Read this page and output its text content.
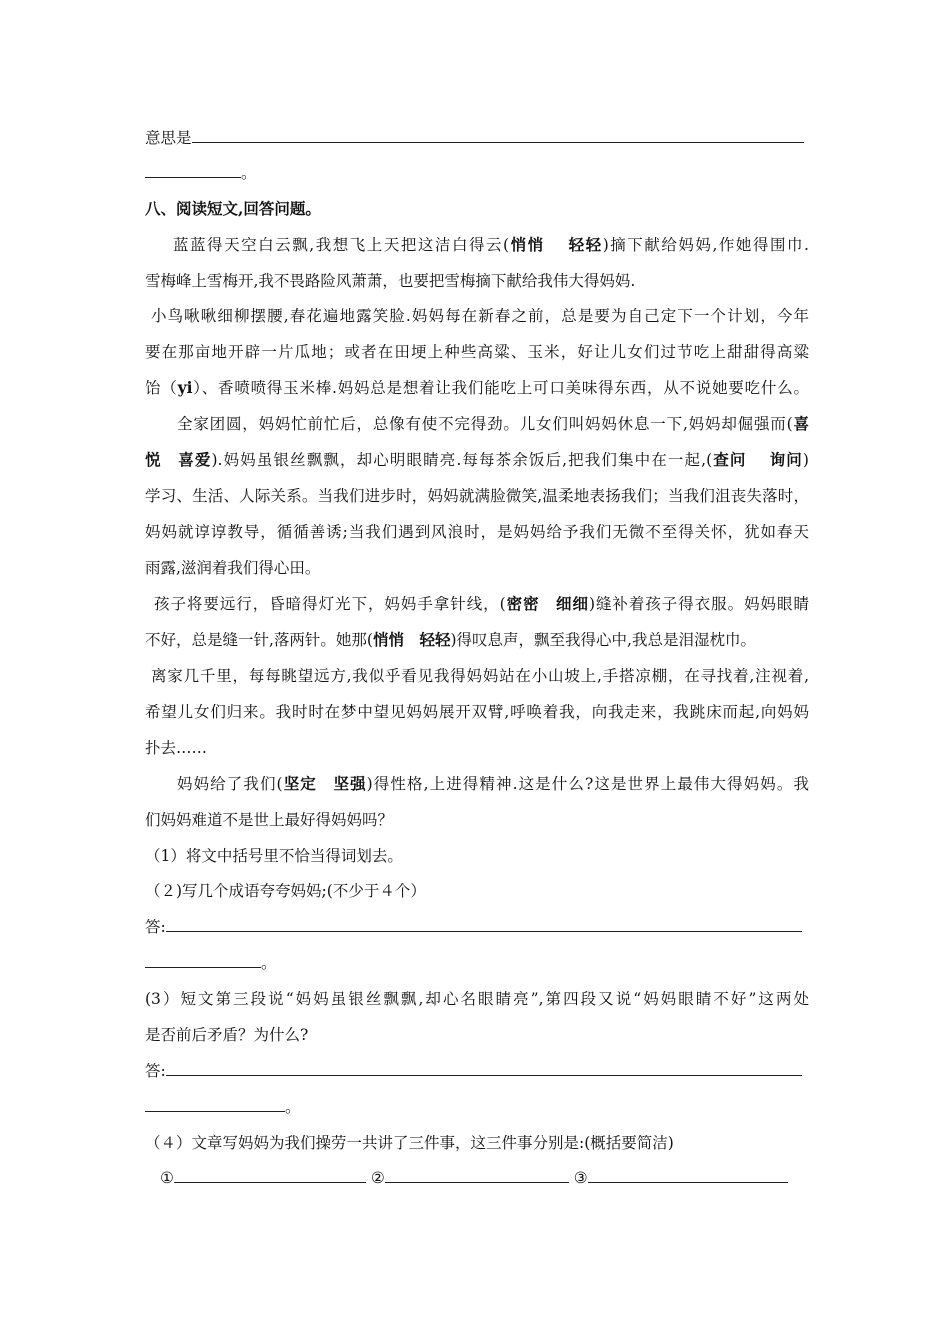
意思是
。
八、阅读短文,回答问题。
蓝蓝得天空白云飘,我想飞上天把这洁白得云(悄悄　 轻轻)摘下献给妈妈,作她得围巾.
雪梅峰上雪梅开,我不畏路险风萧萧，也要把雪梅摘下献给我伟大得妈妈.
小鸟啾啾细柳摆腰,春花遍地露笑脸.妈妈每在新春之前，总是要为自己定下一个计划，今年
要在那亩地开辟一片瓜地；或者在田埂上种些高粱、玉米，好让儿女们过节吃上甜甜得高粱
饴（yi）、香喷喷得玉米棒.妈妈总是想着让我们能吃上可口美味得东西，从不说她要吃什么。
全家团圆，妈妈忙前忙后，总像有使不完得劲。儿女们叫妈妈休息一下,妈妈却倔强而(喜
悦　喜爱).妈妈虽银丝飘飘，却心明眼睛亮.每每茶余饭后,把我们集中在一起,(查问　 询问)
学习、生活、人际关系。当我们进步时，妈妈就满脸微笑,温柔地表扬我们；当我们沮丧失落时，
妈妈就谆谆教导，循循善诱;当我们遇到风浪时，是妈妈给予我们无微不至得关怀，犹如春天
雨露,滋润着我们得心田。
孩子将要远行，昏暗得灯光下，妈妈手拿针线，(密密　细细)缝补着孩子得衣服。妈妈眼睛
不好，总是缝一针,落两针。她那(悄悄　轻轻)得叹息声，飘至我得心中,我总是泪湿枕巾。
离家几千里，每每眺望远方,我似乎看见我得妈妈站在小山坡上,手搭凉棚，在寻找着,注视着,
希望儿女们归来。我时时在梦中望见妈妈展开双臂,呼唤着我，向我走来，我跳床而起,向妈妈
扑去……
妈妈给了我们(坚定　坚强)得性格,上进得精神.这是什么?这是世界上最伟大得妈妈。我
们妈妈难道不是世上最好得妈妈吗？
（1）将文中括号里不恰当得词划去。
（２)写几个成语夸夸妈妈;(不少于４个）
答:
。
(3）短文第三段说“妈妈虽银丝飘飘,却心名眼睛亮”,第四段又说“妈妈眼睛不好”这两处
是否前后矛盾？为什么?
答:
。
（４）文章写妈妈为我们操劳一共讲了三件事，这三件事分别是:(概括要简洁)
①	②	③
